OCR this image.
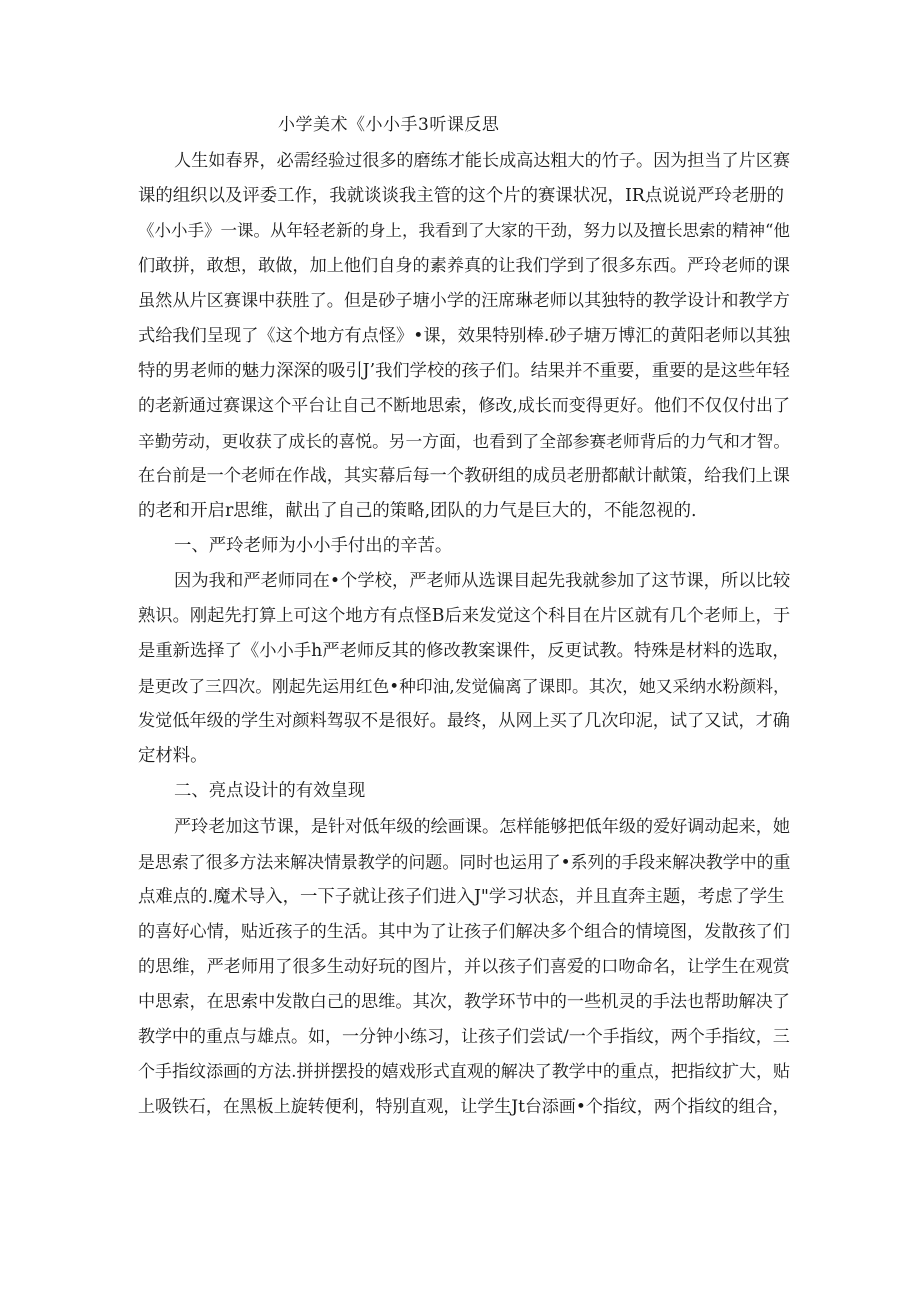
小学美术《小小手3听课反思
人生如春界，必需经验过很多的磨练才能长成高达粗大的竹子。因为担当了片区赛
课的组织以及评委工作，我就谈谈我主管的这个片的赛课状况，IR点说说严玲老册的
《小小手》一课。从年轻老新的身上，我看到了大家的干劲，努力以及擅长思索的精神“他
们敢拼，敢想，敢做，加上他们自身的素养真的让我们学到了很多东西。严玲老师的课
虽然从片区赛课中获胜了。但是砂子塘小学的汪席琳老师以其独特的教学设计和教学方
式给我们呈现了《这个地方有点怪》•课，效果特别棒.砂子塘万博汇的黄阳老师以其独
特的男老师的魅力深深的吸引J’我们学校的孩子们。结果并不重要，重要的是这些年轻
的老新通过赛课这个平台让自己不断地思索，修改,成长而变得更好。他们不仅仅付出了
辛勤劳动，更收获了成长的喜悦。另一方面，也看到了全部参赛老师背后的力气和才智。
在台前是一个老师在作战，其实幕后每一个教研组的成员老册都献计献策，给我们上课
的老和开启r思维，献出了自己的策略,团队的力气是巨大的，不能忽视的.
一、严玲老师为小小手付出的辛苦。
因为我和严老师同在•个学校，严老师从选课目起先我就参加了这节课，所以比较
熟识。刚起先打算上可这个地方有点怪B后来发觉这个科目在片区就有几个老师上，于
是重新选择了《小小手h严老师反其的修改教案课件，反更试教。特殊是材料的选取，
是更改了三四次。刚起先运用红色•种印油,发觉偏离了课即。其次，她又采纳水粉颜料，
发觉低年级的学生对颜料驾驭不是很好。最终，从网上买了几次印泥，试了又试，才确
定材料。
二、亮点设计的有效皇现
严玲老加这节课，是针对低年级的绘画课。怎样能够把低年级的爱好调动起来，她
是思索了很多方法来解决情景教学的问题。同时也运用了•系列的手段来解决教学中的重
点难点的.魔术导入，一下子就让孩子们进入J"学习状态，并且直奔主题，考虑了学生
的喜好心情，贴近孩子的生活。其中为了让孩子们解决多个组合的情境图，发散孩了们
的思维，严老师用了很多生动好玩的图片，并以孩子们喜爱的口吻命名，让学生在观赏
中思索，在思索中发散白己的思维。其次，教学环节中的一些机灵的手法也帮助解决了
教学中的重点与雄点。如，一分钟小练习，让孩子们尝试/一个手指纹，两个手指纹，三
个手指纹添画的方法.拼拼摆投的嬉戏形式直观的解决了教学中的重点，把指纹扩大，贴
上吸铁石，在黑板上旋转便利，特别直观，让学生Jt台添画•个指纹，两个指纹的组合，
